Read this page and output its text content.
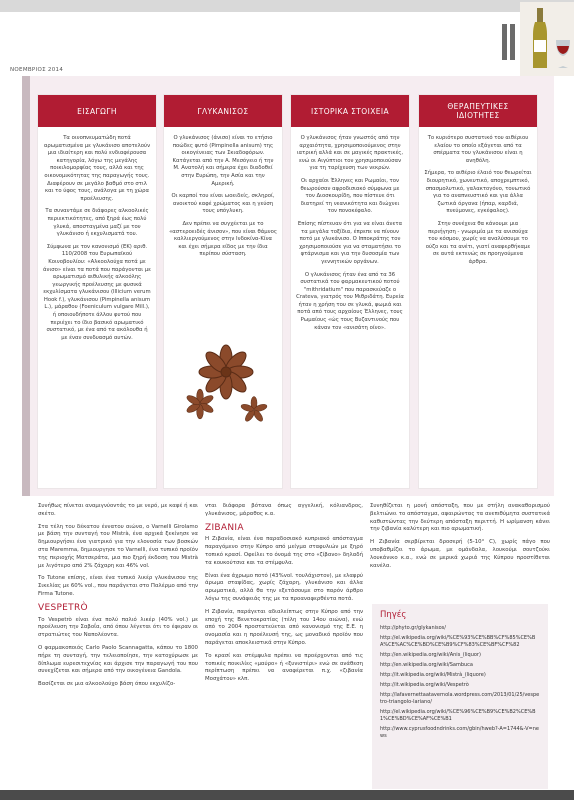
ΝΟΕΜΒΡΙΟΣ 2014
ΕΙΣΑΓΩΓΗ

Τα οινοπνευματώδη ποτά αρωματισμένα με γλυκάνισο αποτελούν μια ιδιαίτερη και πολύ ενδιαφέρουσα κατηγορία, λόγω της μεγάλης ποικιλομορφίας τους, αλλά και της οικονομικότητας της παραγωγής τους. Διαφέρουν σε μεγάλο βαθμό στο στιλ και το ύφος τους, ανάλογα με τη χώρα προέλευσης.

Τα συναντάμε σε διάφορες αλκοολικές περιεκτικότητες, από ξηρά έως πολύ γλυκά, αποσταγμένα μαζί με τον γλυκάνισο ή εκχυλισματά του.

Σύμφωνα με τον κανονισμό (ΕΚ) αριθ. 110/2008 του Ευρωπαϊκού Κοινοβουλίου: «Αλκοολούχα ποτά με άνισο» είναι τα ποτά που παράγονται με αρωματισμό αιθυλικής αλκοόλης γεωργικής προέλευσης με φυσικά εκχυλίσματα γλυκάνισου (Illicium verum Hook f.), γλυκάνισου (Pimpinella anisum L.), μάραθου (Foeniculum vulgare Mill.), ή οποιουδήποτε άλλου φυτού που περιέχει το ίδιο βασικό αρωματικό συστατικό, με ένα από τα ακόλουθα ή με έναν συνδυασμό αυτών.

ΓΛΥΚΑΝΙΣΟΣ

Ο γλυκάνισος (άνισο) είναι το ετήσιο ποώδες φυτό (Pimpinella anisum) της οικογένειας των Σκιαδοφόρων. Κατάγεται από την Α. Μεσόγειο ή την Μ. Ανατολή και σήμερα έχει διαδοθεί στην Ευρώπη, την Ασία και την Αμερική.

Οι καρποί του είναι ωοειδείς, σκληροί, ανοικτού καφέ χρώματος και η γεύση τους υπόγλυκη.

Δεν πρέπει να συγχέεται με το «αστεροειδές άνισον», που είναι θάμνος καλλιεργούμενος στην Ινδοκίνα-Κίνα και έχει σήμερα είδος με την ίδια περίπου σύσταση.

ΙΣΤΟΡΙΚΑ ΣΤΟΙΧΕΙΑ

Ο γλυκάνισος ήταν γνωστός από την αρχαιότητα, χρησιμοποιούμενος στην ιατρική αλλά και σε μαγικές πρακτικές, ενώ οι Αιγύπτιοι τον χρησιμοποιούσαν για τη ταρίχευση των νεκρών.

Οι αρχαίοι Έλληνες και Ρωμαίοι, τον θεωρούσαν αφροδισιακό σύμφωνα με τον Διοσκουρίδη, που πίστευε ότι διατηρεί τη νεανικότητα και διώχνει τον πονοκέφαλο.

Επίσης πίστευαν ότι για να είναι άνετα τα μεγάλα τοξίδια, έπρεπε να πίνουν ποτό με γλυκάνισο. Ο Ιπποκράτης τον χρησιμοποιούσε για να σταματήσει το φτάρνισμα και για την δυσοσμία των γεννητικών οργάνων.

Ο γλυκάνισος ήταν ένα από τα 36 συστατικά του φαρμακευτικού ποτού "mithridatium" που παρασκεύαζε ο Crateva, γιατρός του Μιθριδάτη. Ευρεία ήταν η χρήση του σε γλυκά, ψωμιά και ποτά από τους αρχαίους Έλληνες, τους Ρωμαίους «ώς τους Βυζαντινούς που κάναν τον «ανισάτη οίνο».

ΘΕΡΑΠΕΥΤΙΚΕΣ ΙΔΙΟΤΗΤΕΣ

Το κυριότερο συστατικό του αιθέριου ελαίου το οποίο εξάγεται από τα σπέρματα του γλυκάνισου είναι η ανηθόλη.

Σήμερα, το αιθέριο έλαιό του θεωρείται διουρητικό, χωνευτικό, αποχρεμπτικό, σπασμολυτικό, γαλακτογόνο, τονωτικό για το αναπνευστικό και για άλλα ζωτικά όργανα (ήπαρ, καρδιά, πνεύμονες, εγκέφαλος).

Στην συνέχεια θα κάνουμε μια περιήγηση - γνωριμία με τα ανισούχα του κόσμου, χωρίς να αναλύσουμε το ούζο και τα ανέτι, γιατί αναφερθήκαμε σε αυτά εκτενώς σε προηγούμενα άρθρα.

Συνήθως πίνεται αναμιγνύοντάς το με νερό, με καφέ ή και σκέτο.

Στα τέλη του δέκατου έννατου αιώνα, ο Varnelli Girolamo με βάση την συνταγή του Mistrà, ένα αρχικά ξεκίνησε να δημιουργήσει ένα γιατρικό για την ελονοσία των βοσκών στα Maremma, δημιουργησε το Varnelli, ένα τυπικό προϊόν της περιοχής Ματσεράτα, μια πιο ξηρή έκδοση του Mistrà με λιγότερο από 2% ζάχαρη και 46% vol.

Το Tutone επίσης, είναι ένα τυπικό λικέρ γλυκάνισου της Σικελίας με 60% vol., που παράγεται στο Παλέρμο από την Firma Tutone.

VESPETRÒ

Το Vespetrò είναι ένα πολύ παλιό λικέρ (40% vol.) με προέλευση την Σαβοΐα, από όπου λέγεται ότι το έφεραν οι στρατιώτες του Ναπολέοντα.

Ο φαρμακοποιός Carlo Paolo Scannagatta, κάπου το 1800 πήρε τη συνταγή, την τελειοποίησε, την κατοχύρωσε με δίπλωμα ευρεσιτεχνίας και άρχισε την παραγωγή του που συνεχίζεται και σήμερα από την οικογένεια Gandola.

Βασίζεται σε μια αλκοολούχο βάση όπου εκχυλίζο-

νται διάφορα βότανα όπως αγγελική, κόλιανδρος, γλυκάνισος, μάραθος κ.α.

ZIBANIA

Η Ζιβανία, είναι ένα παραδοσιακό κυπριακό απόσταγμα παραγόμενο στην Κύπρο από μείγμα σταφυλιών με ξηρό τοπικό κρασί. Οφείλει το όνομά της στο «ζίβανο» δηλαδή τα κουκούτσια και τα στέμφυλα.

Είναι ένα άχρωμο ποτό (43%vol. τουλάχιστον), με ελαφρύ άρωμα σταφίδας, χωρίς ζάχαρη, γλυκάνισο και άλλα αρωματικά, αλλά θα την εξετάσουμε στο παρόν άρθρο λόγω της συνάφειάς της με τα προαναφερθέντα ποτά.

Η Ζιβανία, παράγεται αδιαλείπτως στην Κύπρο από την εποχή της Βενετοκρατίας (τέλη του 14ου αιώνα), ενώ από το 2004 προστατεύεται από κανονισμό της Ε.Ε. η ονομασία και η προέλευσή της, ως μοναδικό προϊόν που παράγεται αποκλειστικά στην Κύπρο.

Το κρασί και στέμφυλα πρέπει να προέρχονται από τις τοπικές ποικιλίες «μαύρο» ή «ξυνιστέρι» ενώ σε ανάθεση περίπτωση πρέπει να αναφέρεται π.χ. «ζιβανία Μοσχάτου» κλπ.

Συνηθίζεται η μονή απόσταξη, που με στήλη ανακαθορισμού βελτιώνει το απόσταγμα, αφαιρώντας τα ανεπιθύμητα συστατικά καθιστώντας την δεύτερη απόσταξη περιττή. Η ωρίμανση κάνει την ζιβανία καλύτερη και πιο αρωματική.

Η Ζιβανία σερβίρεται δροσερή (5-10° C), χωρίς πάγο που υποβαθμίζει το άρωμα, με ομάνδαλα, λουκούμι σουτζούκι λουκάνικο κ.α., ενώ σε μερικά χωριά της Κύπρου προστίθεται κανέλα.

Πηγές
http://phyto.gr/glykanisos/
http://el.wikipedia.org/wiki/%CE%93%CE%BB%CF%85%CE%BA%CE%AC%CE%BD%CE%B9%CF%83%CE%BF%CF%82
http://en.wikipedia.org/wiki/Anis_(liquor)
http://en.wikipedia.org/wiki/Sambuca
http://it.wikipedia.org/wiki/Mistrà_(liquore)
http://it.wikipedia.org/wiki/Vespetrò
http://lafavernettaatavernola.wordpress.com/2013/01/25/vespetro-triangolo-lariano/
http://el.wikipedia.org/wiki/%CE%96%CE%B9%CE%B2%CE%B1%CE%BD%CE%AF%CE%B1
http://www.cyprusfoodndrinks.com/gbin/hweb?-A=1744&-V=news
